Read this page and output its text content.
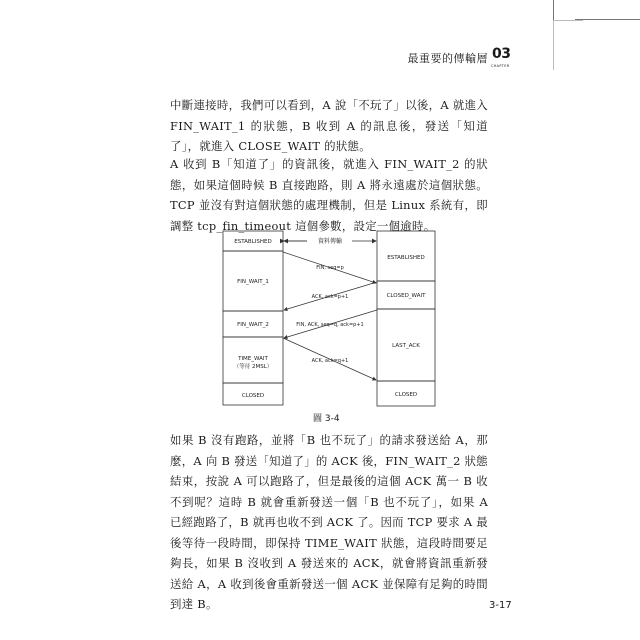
最重要的傳輸層 03
CHAPTER

中斷連接時，我們可以看到，A 說「不玩了」以後，A 就進入 FIN_WAIT_1 的狀態，B 收到 A 的訊息後，發送「知道了」，就進入 CLOSE_WAIT 的狀態。

A 收到 B「知道了」的資訊後，就進入 FIN_WAIT_2 的狀態，如果這個時候 B 直接跑路，則 A 將永遠處於這個狀態。TCP 並沒有對這個狀態的處理機制，但是 Linux 系統有，即調整 tcp_fin_timeout 這個參數，設定一個逾時。

ESTABLISHED
FIN_WAIT_1
FIN_WAIT_2
TIME_WAIT
（等待 2MSL）
CLOSED
ESTABLISHED
CLOSED_WAIT
LAST_ACK
CLOSED
資料傳輸
FIN, seq=p
ACK, ack=p+1
FIN, ACK, seq=q, ack=p+1
ACK, ack=q+1
圖 3-4

如果 B 沒有跑路，並將「B 也不玩了」的請求發送給 A，那麼，A 向 B 發送「知道了」的 ACK 後，FIN_WAIT_2 狀態結束，按說 A 可以跑路了，但是最後的這個 ACK 萬一 B 收不到呢？這時 B 就會重新發送一個「B 也不玩了」，如果 A 已經跑路了，B 就再也收不到 ACK 了。因而 TCP 要求 A 最後等待一段時間，即保持 TIME_WAIT 狀態，這段時間要足夠長，如果 B 沒收到 A 發送來的 ACK，就會將資訊重新發送給 A，A 收到後會重新發送一個 ACK 並保障有足夠的時間到達 B。	3-17
